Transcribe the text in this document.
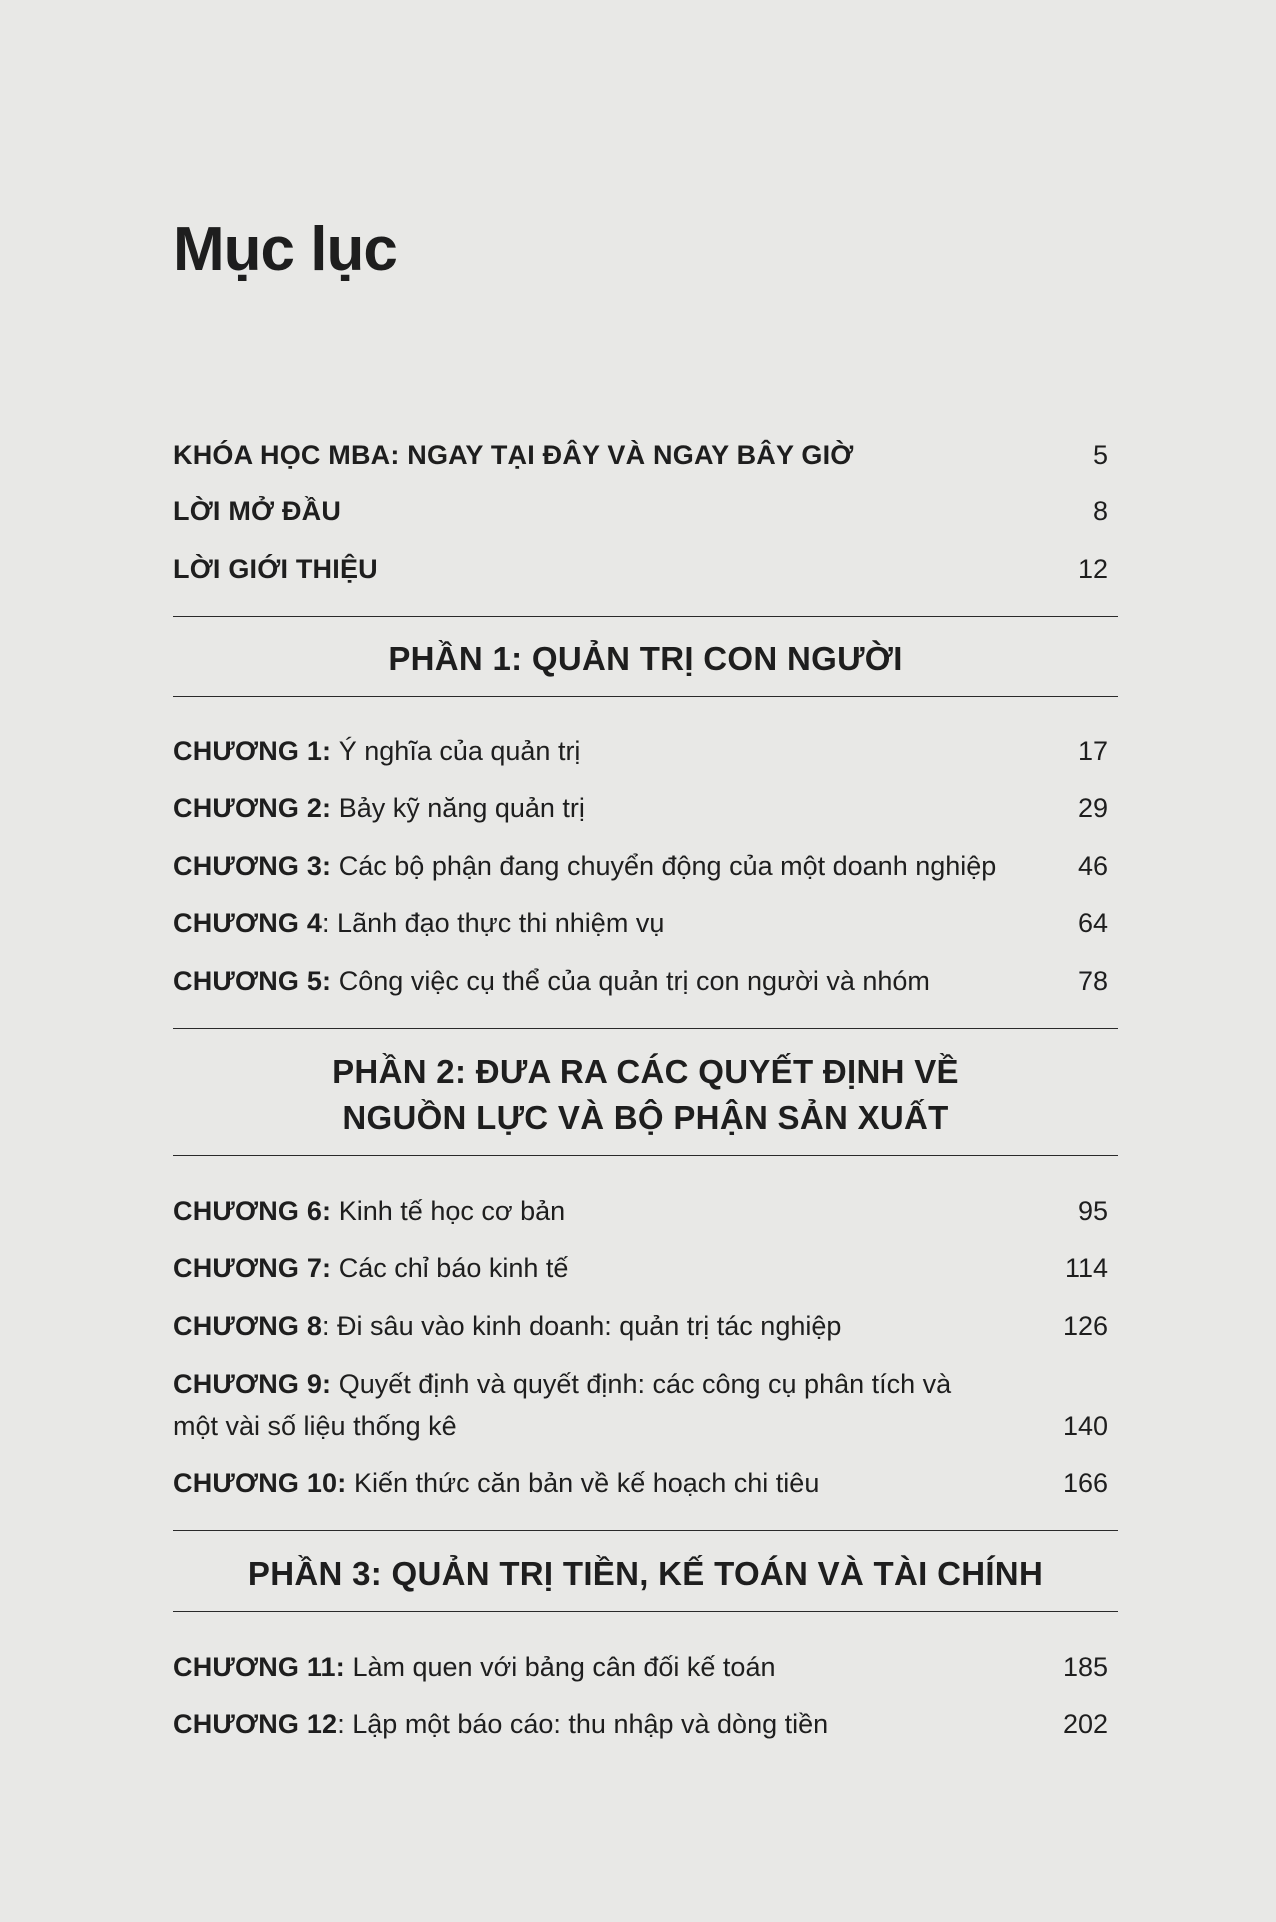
Mục lục
KHÓA HỌC MBA: NGAY TẠI ĐÂY VÀ NGAY BÂY GIỜ	5
LỜI MỞ ĐẦU	8
LỜI GIỚI THIỆU	12
PHẦN 1: QUẢN TRỊ CON NGƯỜI
CHƯƠNG 1: Ý nghĩa của quản trị	17
CHƯƠNG 2: Bảy kỹ năng quản trị	29
CHƯƠNG 3: Các bộ phận đang chuyển động của một doanh nghiệp	46
CHƯƠNG 4: Lãnh đạo thực thi nhiệm vụ	64
CHƯƠNG 5: Công việc cụ thể của quản trị con người và nhóm	78
PHẦN 2: ĐƯA RA CÁC QUYẾT ĐỊNH VỀ
NGUỒN LỰC VÀ BỘ PHẬN SẢN XUẤT
CHƯƠNG 6: Kinh tế học cơ bản	95
CHƯƠNG 7: Các chỉ báo kinh tế	114
CHƯƠNG 8: Đi sâu vào kinh doanh: quản trị tác nghiệp	126
CHƯƠNG 9: Quyết định và quyết định: các công cụ phân tích và
một vài số liệu thống kê	140
CHƯƠNG 10: Kiến thức căn bản về kế hoạch chi tiêu	166
PHẦN 3: QUẢN TRỊ TIỀN, KẾ TOÁN VÀ TÀI CHÍNH
CHƯƠNG 11: Làm quen với bảng cân đối kế toán	185
CHƯƠNG 12: Lập một báo cáo: thu nhập và dòng tiền	202
